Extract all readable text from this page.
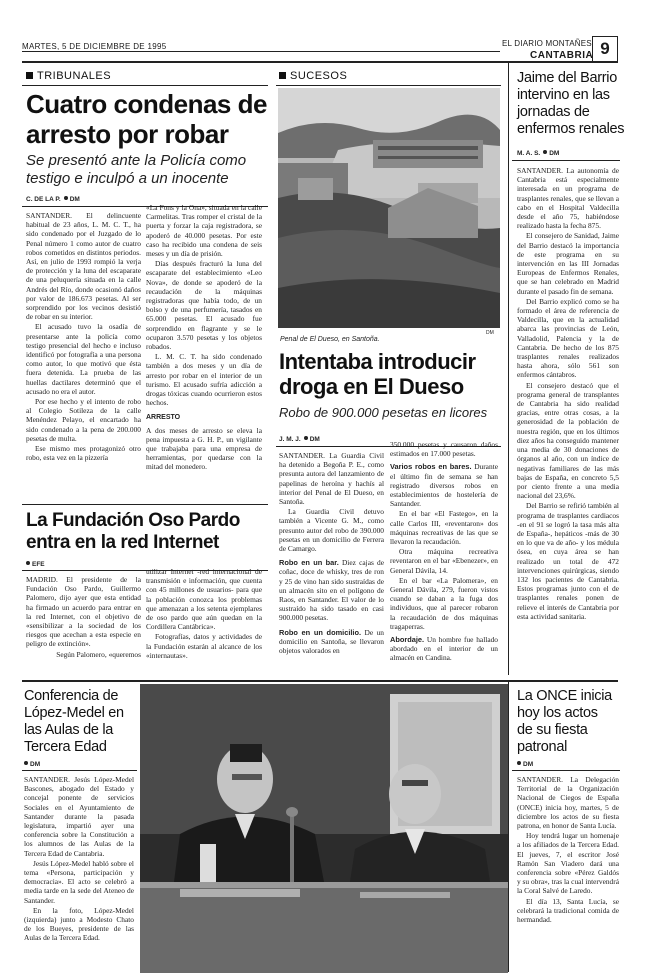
MARTES, 5 DE DICIEMBRE DE 1995	EL DIARIO MONTAÑES
CANTABRIA 9
TRIBUNALES
Cuatro condenas de
arresto por robar
Se presentó ante la Policía como
testigo e inculpó a un inocente
C. DE LA P. DM

SANTANDER. El delincuente habitual de 23 años, L. M. C. T., ha sido condenado por el Juzgado de lo Penal número 1 como autor de cuatro robos cometidos en distintos periodos. Así, en julio de 1993 rompió la verja de protección y la luna del escaparate de una peluquería situada en la calle Andrés del Río, donde ocasionó daños por valor de 186.673 pesetas. Al ser sorprendido por los vecinos desistió de robar en su interior.

El acusado tuvo la osadía de presentarse ante la policía como testigo presencial del hecho e incluso identificó por fotografía a una persona como autor, lo que motivó que ésta fuera detenida. La prueba de las huellas dactilares determinó que el acusado no era el autor.

Por ese hecho y el intento de robo al Colegio Sotileza de la calle Menéndez Pelayo, el encartado ha sido condenado a la pena de 200.000 pesetas de multa.

Ese mismo mes protagonizó otro robo, esta vez en la pizzería

«La Fons y la Ona», situada en la calle Carmelitas. Tras romper el cristal de la puerta y forzar la caja registradora, se apoderó de 40.000 pesetas. Por este caso ha recibido una condena de seis meses y un día de prisión.

Días después fracturó la luna del escaparate del establecimiento «Leo Nova», de donde se apoderó de la recaudación de la máquinas registradoras que había todo, de un bolso y de una perfumería, tasados en 65.000 pesetas. El acusado fue sorprendido en flagrante y se le ocuparon 3.570 pesetas y los objetos robados.

L. M. C. T. ha sido condenado también a dos meses y un día de arresto por robar en el interior de un turismo. El acusado sufría adicción a drogas tóxicas cuando ocurrieron estos hechos.

ARRESTO

A dos meses de arresto se eleva la pena impuesta a G. H. P., un vigilante que trabajaba para una empresa de herramientas, por quedarse con la mitad del monedero.

La Fundación Oso Pardo
entra en la red Internet
EFE

MADRID. El presidente de la Fundación Oso Pardo, Guillermo Palomero, dijo ayer que esta entidad ha firmado un acuerdo para entrar en la red Internet, con el objetivo de «sensibilizar a la sociedad de los riesgos que acechan a esta especie en peligro de extinción».

Según Palomero, «queremos

utilizar Internet -red internacional de transmisión e información, que cuenta con 45 millones de usuarios- para que la población conozca los problemas que amenazan a los setenta ejemplares de oso pardo que aún quedan en la Cordillera Cantábrica».

Fotografías, datos y actividades de la Fundación estarán al alcance de los «internautas».

SUCESOS
DM
Penal de El Dueso, en Santoña.
Intentaba introducir
droga en El Dueso
Robo de 900.000 pesetas en licores
J. M. J. DM

SANTANDER. La Guardia Civil ha detenido a Begoña P. E., como presunta autora del lanzamiento de papelinas de heroína y hachís al interior del Penal de El Dueso, en Santoña.

La Guardia Civil detuvo también a Vicente G. M., como presunto autor del robo de 390.000 pesetas en un domicilio de Ferrera de Camargo.

Robo en un bar. Diez cajas de coñac, doce de whisky, tres de ron y 25 de vino han sido sustraídas de un almacén sito en el polígono de Raos, en Santander. El valor de lo sustraído ha sido tasado en casi 900.000 pesetas.

Robo en un domicilio. De un domicilio en Santoña, se llevaron objetos valorados en

350.000 pesetas y causaron daños estimados en 17.000 pesetas.

Varios robos en bares. Durante el último fin de semana se han registrado diversos robos en establecimientos de hostelería de Santander.

En el bar «El Fastego», en la calle Carlos III, «reventaron» dos máquinas recreativas de las que se llevaron la recaudación.

Otra máquina recreativa reventaron en el bar «Ebenezer», en General Dávila, 14.

En el bar «La Palomera», en General Dávila, 279, fueron vistos cuando se daban a la fuga dos individuos, que al parecer robaron la recaudación de dos máquinas tragaperras.

Abordaje. Un hombre fue hallado abordado en el interior de un almacén en Candina.

Jaime del Barrio
intervino en las
jornadas de
enfermos renales
M. A. S. DM

SANTANDER. La autonomía de Cantabria está especialmente interesada en un programa de trasplantes renales, que se llevan a cabo en el Hospital Valdecilla desde el año 75, habiéndose realizado hasta la fecha 875.

El consejero de Sanidad, Jaime del Barrio destacó la importancia de este programa en su intervención en las III Jornadas Europeas de Enfermos Renales, que se han celebrado en Madrid durante el pasado fin de semana.

Del Barrio explicó como se ha formado el área de referencia de Valdecilla, que en la actualidad abarca las provincias de León, Valladolid, Palencia y la de Cantabria. De hecho de los 875 trasplantes renales realizados hasta ahora, sólo 561 son enfermos cántabros.

El consejero destacó que el programa general de transplantes de Cantabria ha sido realidad gracias, entre otras cosas, a la generosidad de la población de nuestra región, que en los últimos diez años ha conseguido mantener una media de 30 donaciones de órganos al año, con un índice de negativas familiares de las más bajas de España, en concreto 5,5 por ciento frente a una media nacional del 23,6%.

Del Barrio se refirió también al programa de trasplantes cardiacos -en el 91 se logró la tasa más alta de España-, hepáticos -más de 30 en lo que va de año- y los médula ósea, en cuya área se han realizado un total de 472 intervenciones quirúrgicas, siendo 132 los pacientes de Cantabria. Estos programas junto con el de trasplantes renales ponen de relieve el interés de Cantabria por esta actividad sanitaria.

Conferencia de
López-Medel en
las Aulas de la
Tercera Edad
DM

SANTANDER. Jesús López-Medel Bascones, abogado del Estado y concejal ponente de servicios Sociales en el Ayuntamiento de Santander durante la pasada legislatura, impartió ayer una conferencia sobre la Constitución a los alumnos de las Aulas de la Tercera Edad de Cantabria.

Jesús López-Medel habló sobre el tema «Persona, participación y democracia». El acto se celebró a media tarde en la sede del Ateneo de Santander.

En la foto, López-Medel (izquierda) junto a Modesto Chato de los Bueyes, presidente de las Aulas de la Tercera Edad.

La ONCE inicia
hoy los actos
de su fiesta
patronal
DM

SANTANDER. La Delegación Territorial de la Organización Nacional de Ciegos de España (ONCE) inicia hoy, martes, 5 de diciembre los actos de su fiesta patrona, en honor de Santa Lucía.

Hoy tendrá lugar un homenaje a los afiliados de la Tercera Edad. El jueves, 7, el escritor José Ramón San Viadero dará una conferencia sobre «Pérez Galdós y su obra», tras la cual intervendrá la Coral Salvé de Laredo.

El día 13, Santa Lucía, se celebrará la tradicional comida de hermandad.
